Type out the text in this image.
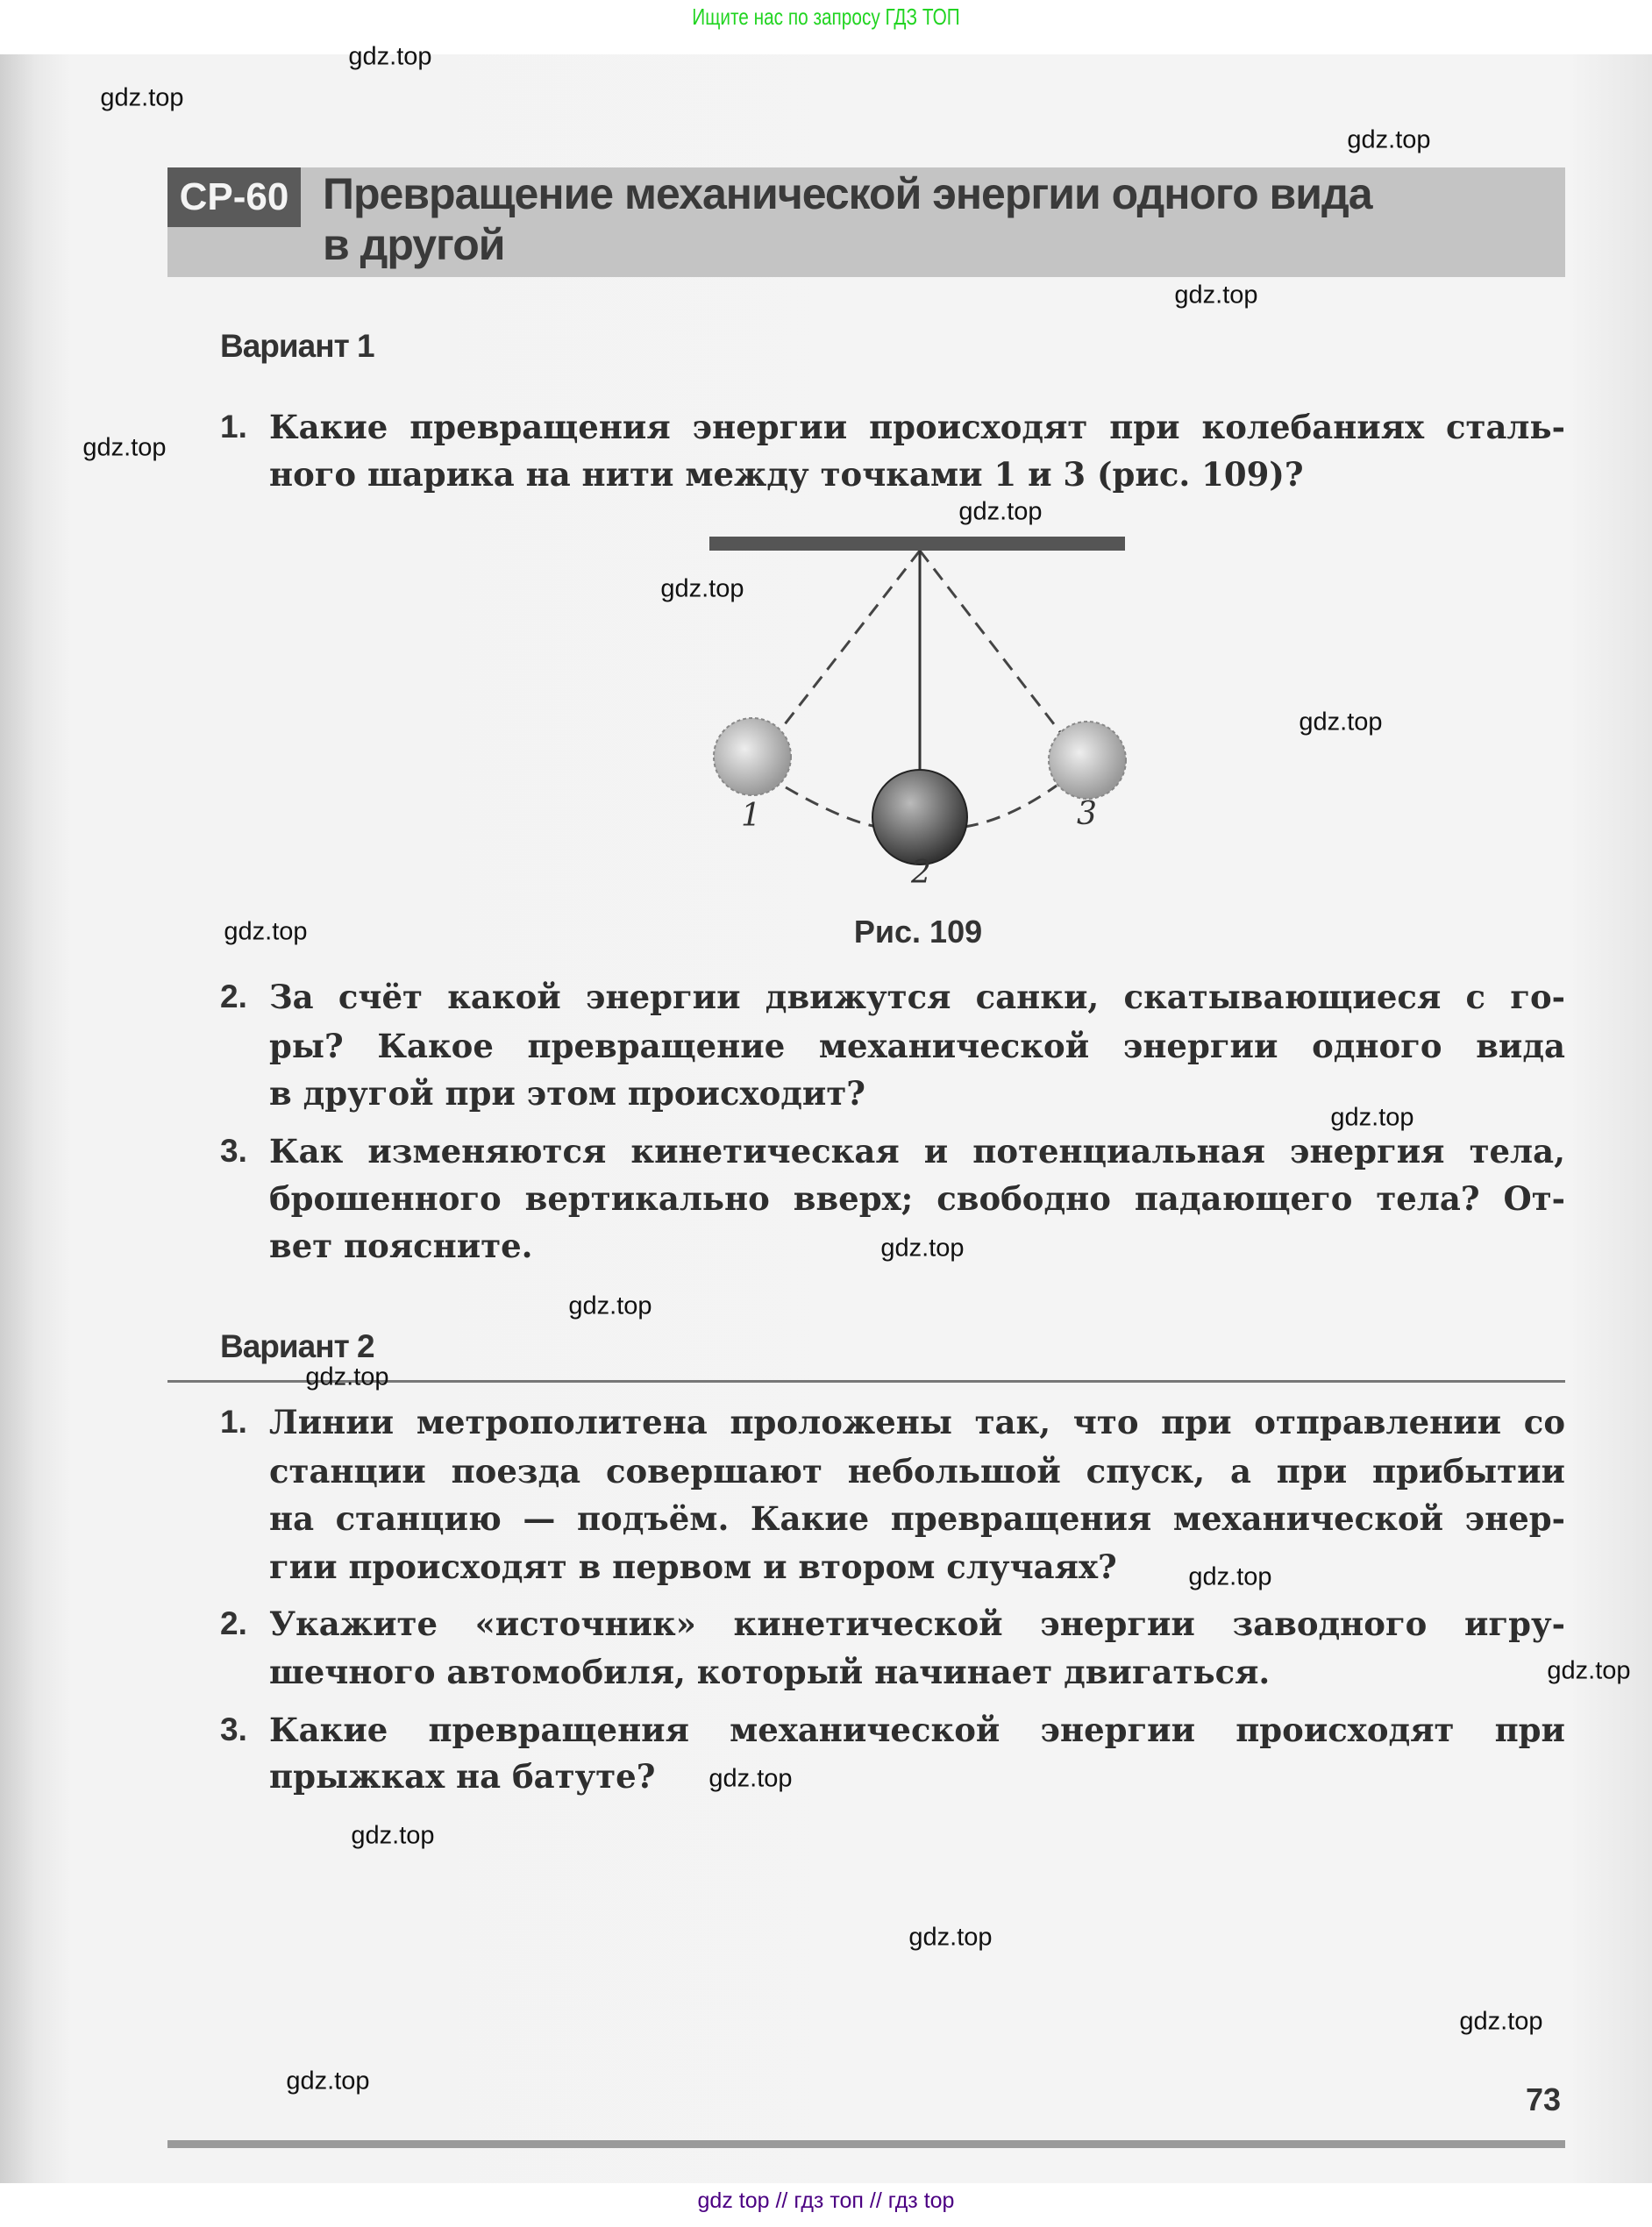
Ищите нас по запросу ГДЗ ТОП
СР-60 Превращение механической энергии одного вида
в другой
Вариант 1
1. Какие превращения энергии происходят при колебаниях сталь-
ного шарика на нити между точками 1 и 3 (рис. 109)?
1
2
3
Рис. 109
2. За счёт какой энергии движутся санки, скатывающиеся с го-
ры? Какое превращение механической энергии одного вида
в другой при этом происходит?
3. Как изменяются кинетическая и потенциальная энергия тела,
брошенного вертикально вверх; свободно падающего тела? От-
вет поясните.
Вариант 2
1. Линии метрополитена проложены так, что при отправлении со
станции поезда совершают небольшой спуск, а при прибытии
на станцию — подъём. Какие превращения механической энер-
гии происходят в первом и втором случаях?
2. Укажите «источник» кинетической энергии заводного игру-
шечного автомобиля, который начинает двигаться.
3. Какие превращения механической энергии происходят при
прыжках на батуте?
73
gdz.top
gdz.top
gdz.top
gdz.top
gdz.top
gdz.top
gdz.top
gdz.top
gdz.top
gdz.top
gdz.top
gdz.top
gdz.top
gdz.top
gdz.top
gdz.top
gdz.top
gdz.top
gdz.top
gdz.top
gdz top // гдз топ // гдз top
